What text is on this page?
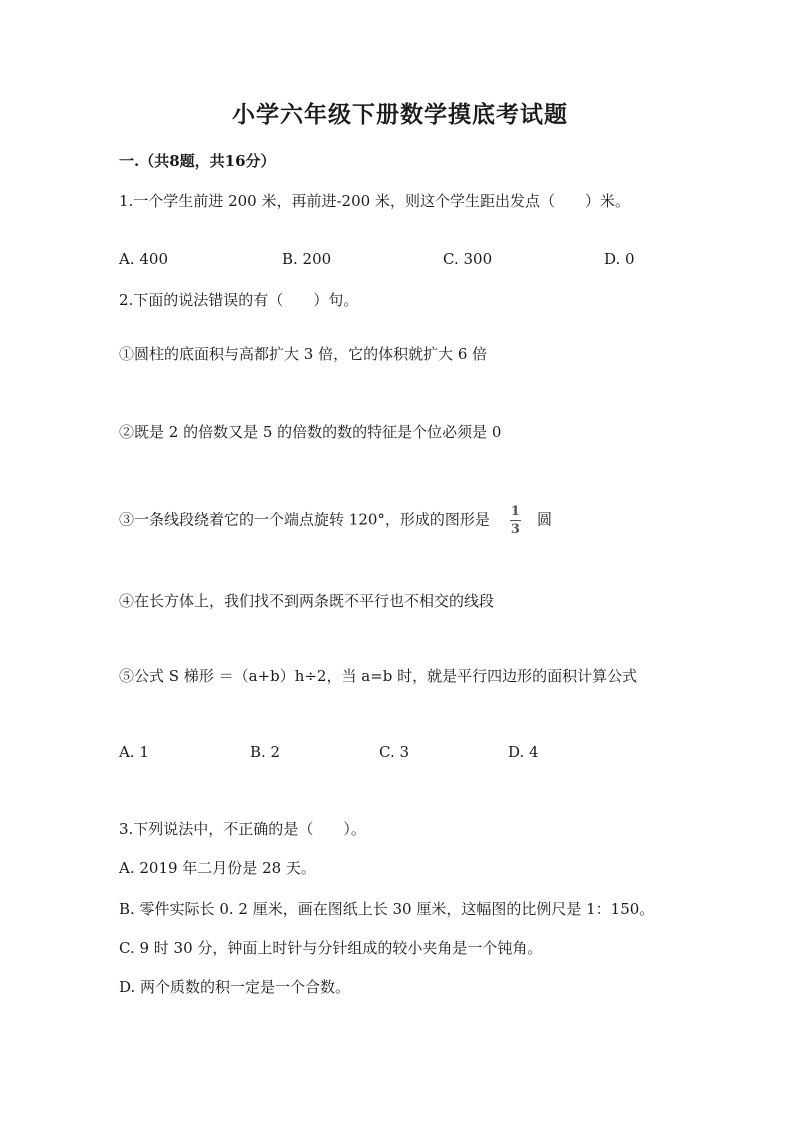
小学六年级下册数学摸底考试题
一.（共8题，共16分）
1.一个学生前进 200 米，再前进-200 米，则这个学生距出发点（　　）米。
A. 400	B. 200	C. 300	D. 0
2.下面的说法错误的有（　　）句。
①圆柱的底面积与高都扩大 3 倍，它的体积就扩大 6 倍
②既是 2 的倍数又是 5 的倍数的数的特征是个位必须是 0
③一条线段绕着它的一个端点旋转 120°，形成的图形是 $\frac{1}{3}$ 圆
④在长方体上，我们找不到两条既不平行也不相交的线段
⑤公式 S 梯形 ＝（a+b）h÷2，当 a=b 时，就是平行四边形的面积计算公式
A. 1	B. 2	C. 3	D. 4
3.下列说法中，不正确的是（　　）。
A. 2019 年二月份是 28 天。
B. 零件实际长 0. 2 厘米，画在图纸上长 30 厘米，这幅图的比例尺是 1：150。
C. 9 时 30 分，钟面上时针与分针组成的较小夹角是一个钝角。
D. 两个质数的积一定是一个合数。
